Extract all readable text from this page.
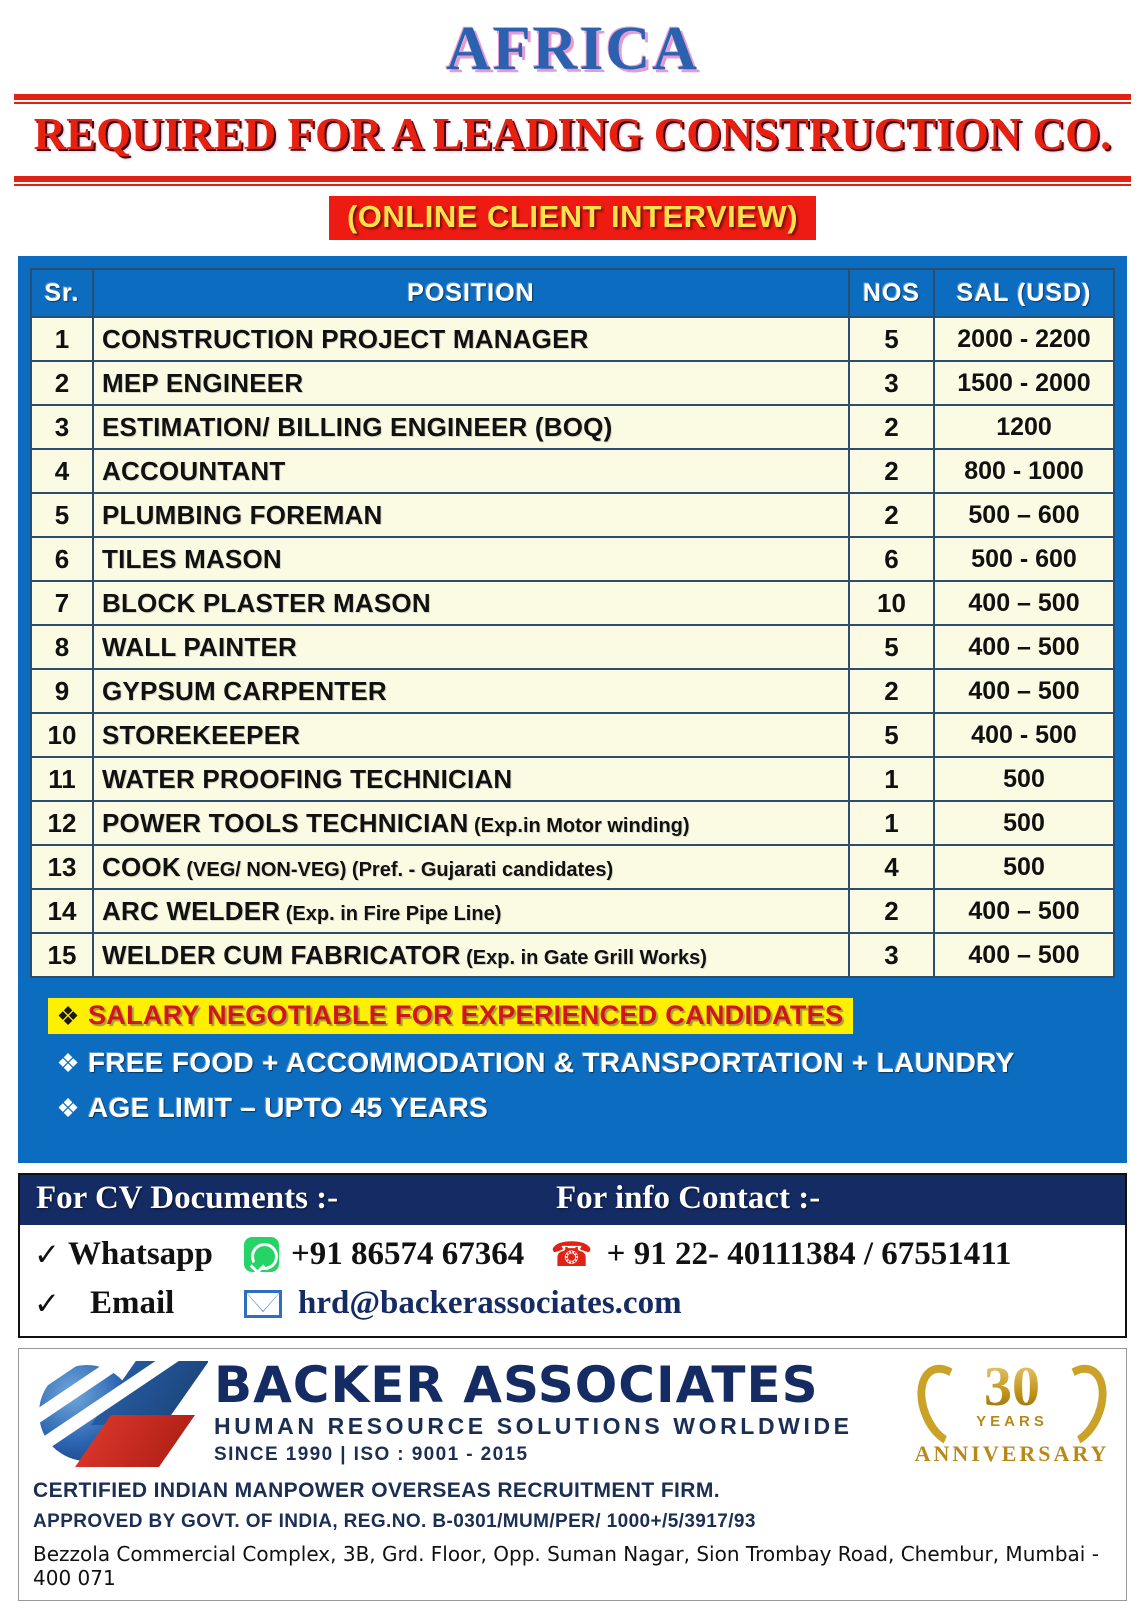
AFRICA
REQUIRED FOR A LEADING CONSTRUCTION CO.
(ONLINE CLIENT INTERVIEW)
Sr.	POSITION	NOS	SAL (USD)
1	CONSTRUCTION PROJECT MANAGER	5	2000 - 2200
2	MEP ENGINEER	3	1500 - 2000
3	ESTIMATION/ BILLING ENGINEER (BOQ)	2	1200
4	ACCOUNTANT	2	800 - 1000
5	PLUMBING FOREMAN	2	500 – 600
6	TILES MASON	6	500 - 600
7	BLOCK PLASTER MASON	10	400 – 500
8	WALL PAINTER	5	400 – 500
9	GYPSUM CARPENTER	2	400 – 500
10	STOREKEEPER	5	400 - 500
11	WATER PROOFING TECHNICIAN	1	500
12	POWER TOOLS TECHNICIAN (Exp.in Motor winding)	1	500
13	COOK (VEG/ NON-VEG) (Pref. - Gujarati candidates)	4	500
14	ARC WELDER (Exp. in Fire Pipe Line)	2	400 – 500
15	WELDER CUM FABRICATOR (Exp. in Gate Grill Works)	3	400 – 500
❖ SALARY NEGOTIABLE FOR EXPERIENCED CANDIDATES
❖ FREE FOOD + ACCOMMODATION & TRANSPORTATION + LAUNDRY
❖ AGE LIMIT – UPTO 45 YEARS
For CV Documents :-	For info Contact :-
✓ Whatsapp	+91 86574 67364 ☎ + 91 22- 40111384 / 67551411
✓ Email	hrd@backerassociates.com
BACKER ASSOCIATES
HUMAN RESOURCE SOLUTIONS WORLDWIDE
SINCE 1990 | ISO : 9001 - 2015
30
YEARS
ANNIVERSARY
CERTIFIED INDIAN MANPOWER OVERSEAS RECRUITMENT FIRM.
APPROVED BY GOVT. OF INDIA, REG.NO. B-0301/MUM/PER/ 1000+/5/3917/93
Bezzola Commercial Complex, 3B, Grd. Floor, Opp. Suman Nagar, Sion Trombay Road, Chembur, Mumbai - 400 071
